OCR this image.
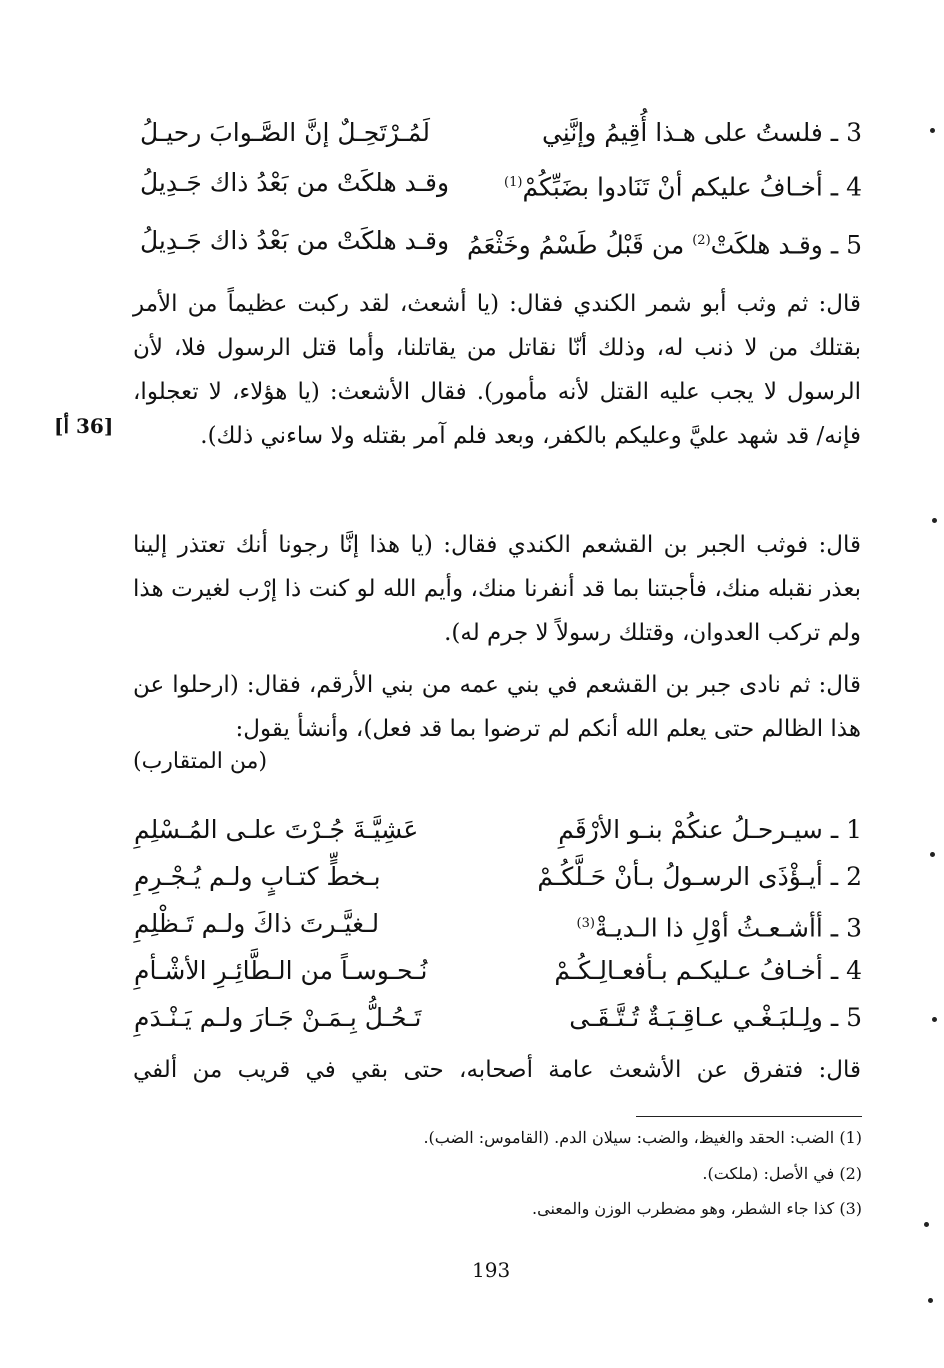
3 ـ فلستُ على هـذا أُقِيمُ وإنَّنِي
لَمُـرْتَحِـلٌ إنَّ الصَّـوابَ رحيـلُ
4 ـ أخـافُ عليكم أنْ تَنَادوا بضَبِّكُمْ$^{(1)}$
وقـد هلكَتْ من بَعْدُ ذاك جَـدِيلُ
5 ـ وقـد هلكَتْ$^{(2)}$ من قَبْلُ طَسْمُ وخَثْعَمُ
وقـد هلكَتْ من بَعْدُ ذاك جَـدِيلُ

قال: ثم وثب أبو شمر الكندي فقال: (يا أشعث، لقد ركبت عظيماً من الأمر بقتلك من لا ذنب له، وذلك أنّا نقاتل من يقاتلنا، وأما قتل الرسول فلا، لأن الرسول لا يجب عليه القتل لأنه مأمور). فقال الأشعث: (يا هؤلاء، لا تعجلوا، فإنه/ قد شهد عليَّ وعليكم بالكفر، وبعد فلم آمر بقتله ولا ساءني ذلك).

[36 أ]

قال: فوثب الجبر بن القشعم الكندي فقال: (يا هذا إنَّا رجونا أنك تعتذر إلينا بعذر نقبله منك، فأجبتنا بما قد أنفرنا منك، وأيم الله لو كنت ذا إرْب لغيرت هذا ولم تركب العدوان، وقتلك رسولاً لا جرم له).

قال: ثم نادى جبر بن القشعم في بني عمه من بني الأرقم، فقال: (ارحلوا عن هذا الظالم حتى يعلم الله أنكم لم ترضوا بما قد فعل)، وأنشأ يقول:

(من المتقارب)
1 ـ سيـرحـلُ عنكُمْ بنـو الأرْقَمِ
عَشِيَّـةَ جُـرْتَ علـى المُـسْلِمِ
2 ـ أيـؤْذَى الرسـولُ بـأنْ حَـلَّكُـمْ
بـخطٍّ كتـابٍ ولـم يُـجْـرِمِ
3 ـ أأشـعـثُ أوْلِ ذا الـديـةْ$^{(3)}$
لـغيَّـرتَ ذاكَ ولـم تَـظْلِمِ
4 ـ أخـافُ عـليكـم بـأفعـالِـكُـمْ
نُـحـوسـاً من الـطَّائِـرِ الأشْـأمِ
5 ـ ولِـلبَـغْـي عـاقِـبَـةٌ تُـتَّـقَـى
تَـحُـلُّ بِـمَـنْ جَـارَ ولـم يَـنْـدَمِ

قال: فتفرق عن الأشعث عامة أصحابه، حتى بقي في قريب من ألفي

(1) الضب: الحقد والغيظ، والضب: سيلان الدم. (القاموس: الضب).
(2) في الأصل: (ملكت).
(3) كذا جاء الشطر، وهو مضطرب الوزن والمعنى.
193
